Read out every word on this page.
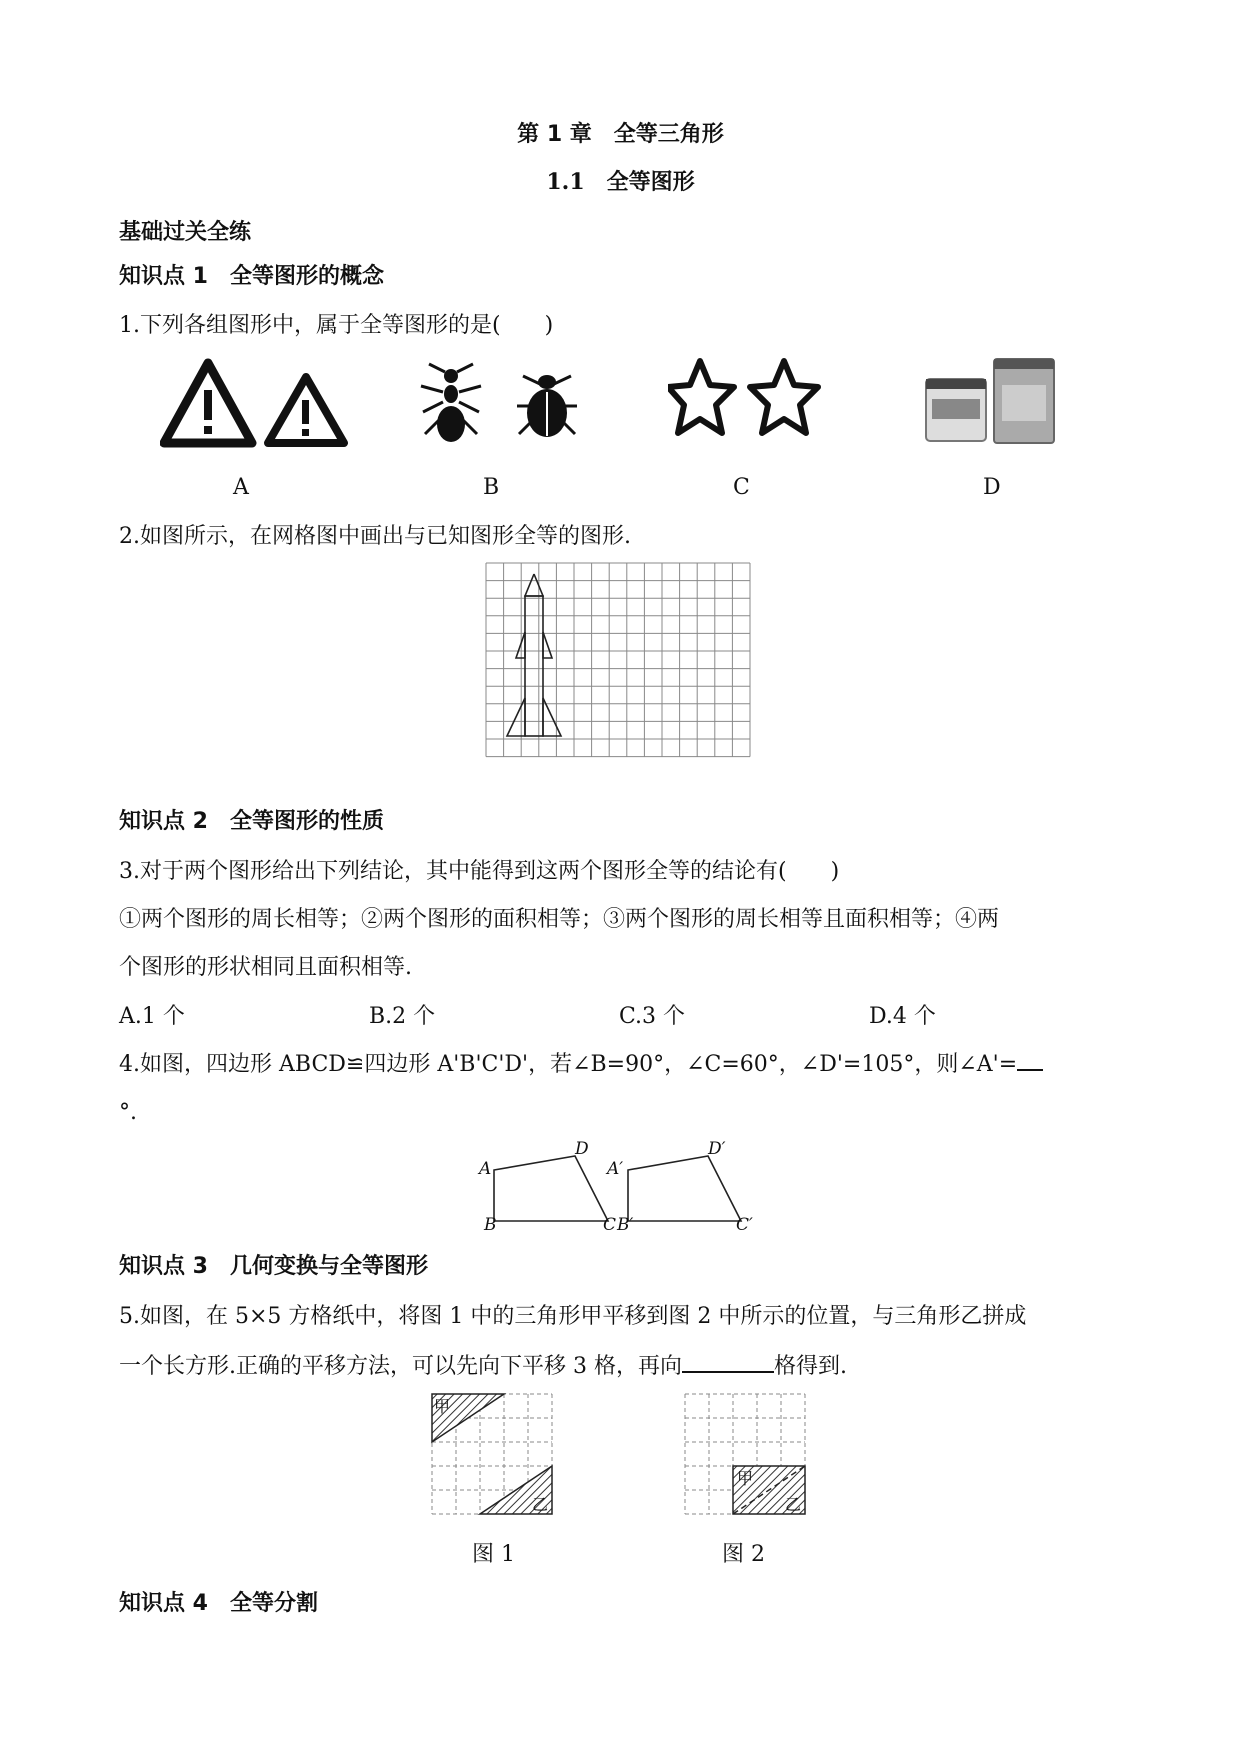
第 1 章　全等三角形
1.1　全等图形
基础过关全练
知识点 1　全等图形的概念
1.下列各组图形中，属于全等图形的是(　　)
A	B	C	D
2.如图所示，在网格图中画出与已知图形全等的图形.
知识点 2　全等图形的性质
3.对于两个图形给出下列结论，其中能得到这两个图形全等的结论有(　　)
①两个图形的周长相等；②两个图形的面积相等；③两个图形的周长相等且面积相等；④两
个图形的形状相同且面积相等.
A.1 个	B.2 个	C.3 个	D.4 个
4.如图，四边形 ABCD≌四边形 A'B'C'D'，若∠B=90°，∠C=60°，∠D'=105°，则∠A'=
°.
A
B	C
D
A′
B′	C′
D′
知识点 3　几何变换与全等图形
5.如图，在 5×5 方格纸中，将图 1 中的三角形甲平移到图 2 中所示的位置，与三角形乙拼成
一个长方形.正确的平移方法，可以先向下平移 3 格，再向	格得到.
甲
乙
甲
乙
图 1	图 2
知识点 4　全等分割
